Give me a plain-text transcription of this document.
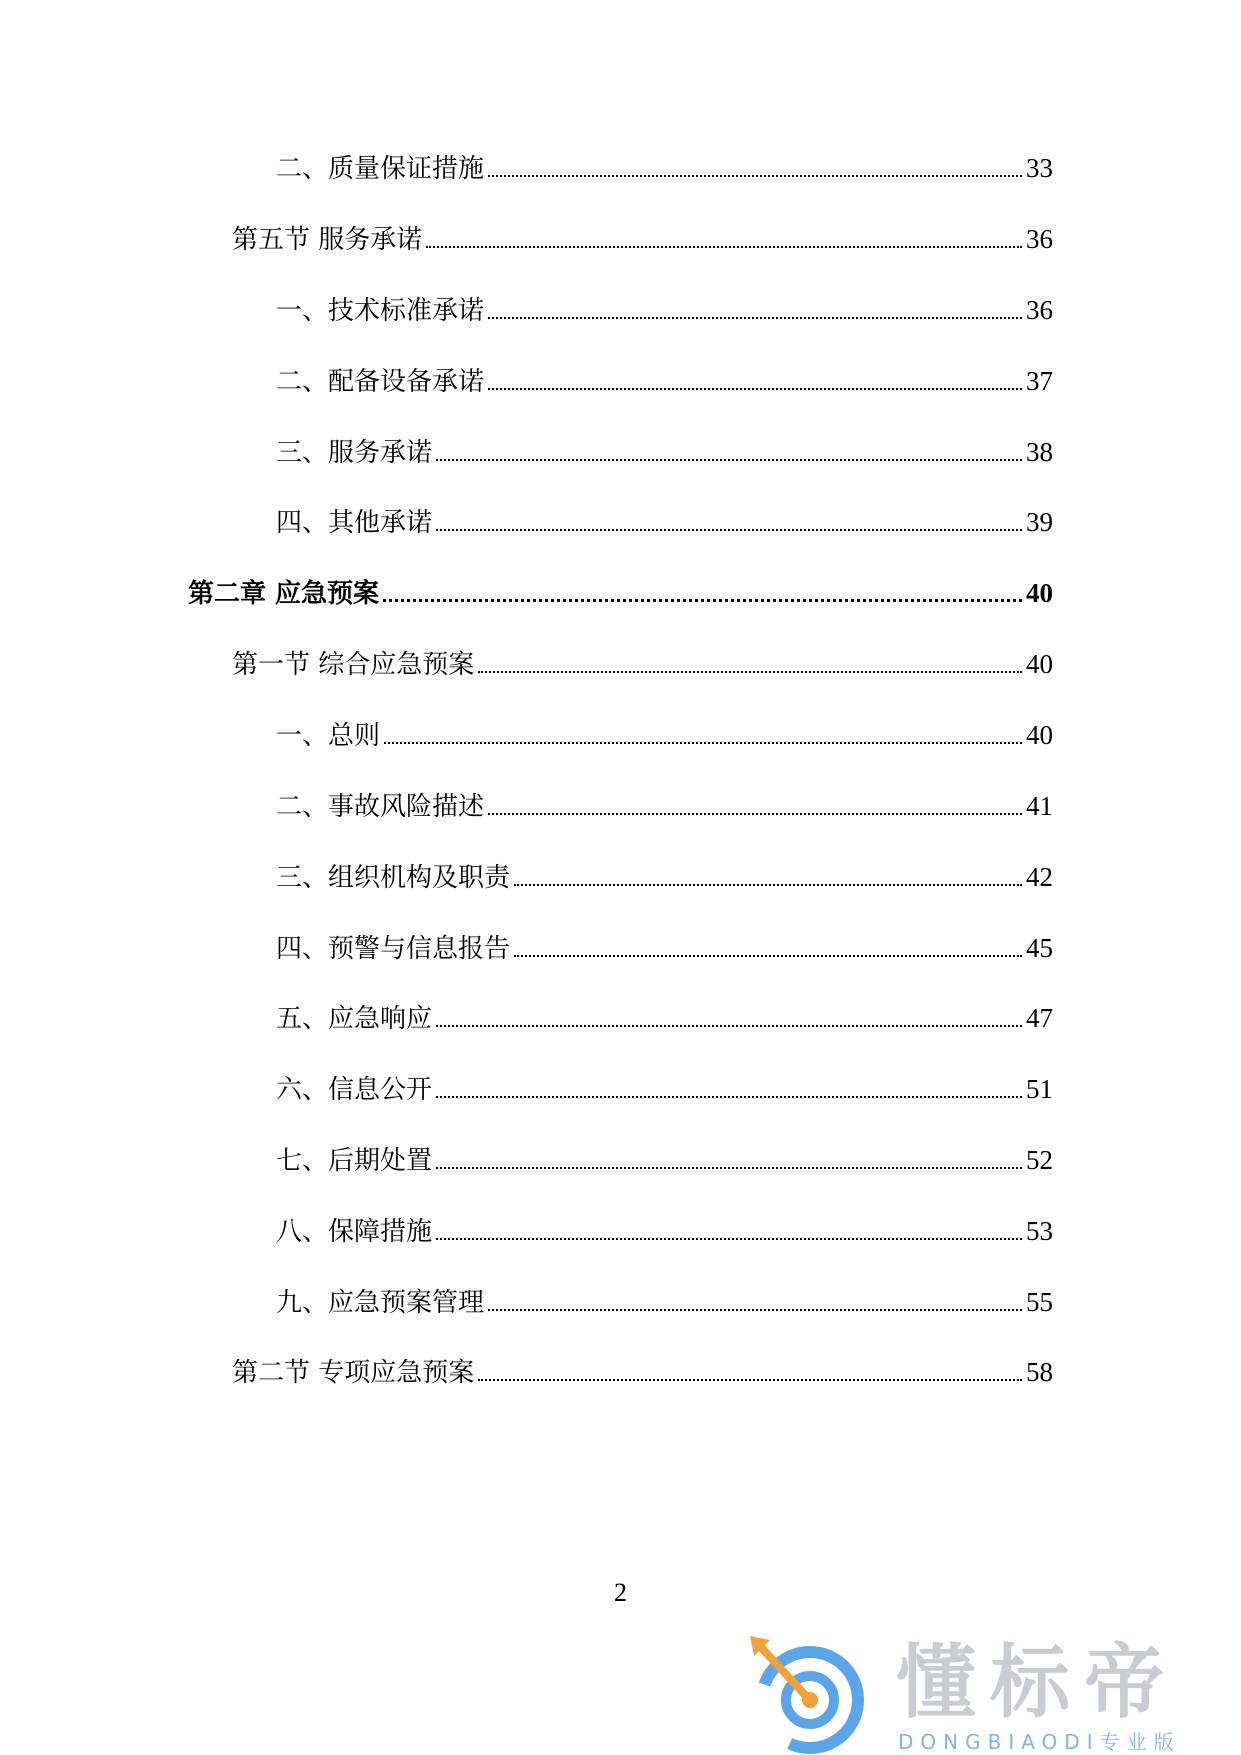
二、质量保证措施	33
第五节 服务承诺	36
一、技术标准承诺	36
二、配备设备承诺	37
三、服务承诺	38
四、其他承诺	39
第二章 应急预案	40
第一节 综合应急预案	40
一、总则	40
二、事故风险描述	41
三、组织机构及职责	42
四、预警与信息报告	45
五、应急响应	47
六、信息公开	51
七、后期处置	52
八、保障措施	53
九、应急预案管理	55
第二节 专项应急预案	58
2
懂标帝
DONGBIAODI专业版
